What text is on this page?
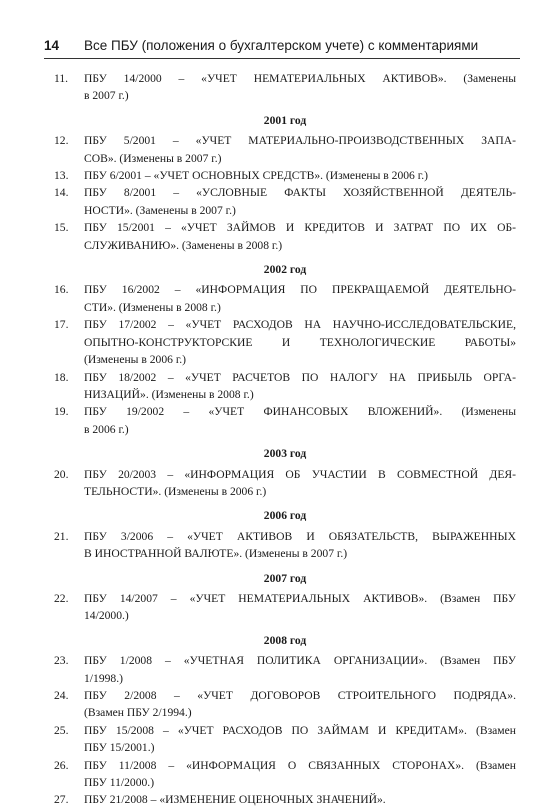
14	Все ПБУ (положения о бухгалтерском учете) с комментариями
11.	ПБУ 14/2000 – «УЧЕТ НЕМАТЕРИАЛЬНЫХ АКТИВОВ». (Заменены
в 2007 г.)
2001 год
12.	ПБУ 5/2001 – «УЧЕТ МАТЕРИАЛЬНО-ПРОИЗВОДСТВЕННЫХ ЗАПА-
СОВ». (Изменены в 2007 г.)
13.	ПБУ 6/2001 – «УЧЕТ ОСНОВНЫХ СРЕДСТВ». (Изменены в 2006 г.)
14.	ПБУ 8/2001 – «УСЛОВНЫЕ ФАКТЫ ХОЗЯЙСТВЕННОЙ ДЕЯТЕЛЬ-
НОСТИ». (Заменены в 2007 г.)
15.	ПБУ 15/2001 – «УЧЕТ ЗАЙМОВ И КРЕДИТОВ И ЗАТРАТ ПО ИХ ОБ-
СЛУЖИВАНИЮ». (Заменены в 2008 г.)
2002 год
16.	ПБУ 16/2002 – «ИНФОРМАЦИЯ ПО ПРЕКРАЩАЕМОЙ ДЕЯТЕЛЬНО-
СТИ». (Изменены в 2008 г.)
17.	ПБУ 17/2002 – «УЧЕТ РАСХОДОВ НА НАУЧНО-ИССЛЕДОВАТЕЛЬСКИЕ,
ОПЫТНО-КОНСТРУКТОРСКИЕ И ТЕХНОЛОГИЧЕСКИЕ РАБОТЫ»
(Изменены в 2006 г.)
18.	ПБУ 18/2002 – «УЧЕТ РАСЧЕТОВ ПО НАЛОГУ НА ПРИБЫЛЬ ОРГА-
НИЗАЦИЙ». (Изменены в 2008 г.)
19.	ПБУ 19/2002 – «УЧЕТ ФИНАНСОВЫХ ВЛОЖЕНИЙ». (Изменены
в 2006 г.)
2003 год
20.	ПБУ 20/2003 – «ИНФОРМАЦИЯ ОБ УЧАСТИИ В СОВМЕСТНОЙ ДЕЯ-
ТЕЛЬНОСТИ». (Изменены в 2006 г.)
2006 год
21.	ПБУ 3/2006 – «УЧЕТ АКТИВОВ И ОБЯЗАТЕЛЬСТВ, ВЫРАЖЕННЫХ
В ИНОСТРАННОЙ ВАЛЮТЕ». (Изменены в 2007 г.)
2007 год
22.	ПБУ 14/2007 – «УЧЕТ НЕМАТЕРИАЛЬНЫХ АКТИВОВ». (Взамен ПБУ
14/2000.)
2008 год
23.	ПБУ 1/2008 – «УЧЕТНАЯ ПОЛИТИКА ОРГАНИЗАЦИИ». (Взамен ПБУ
1/1998.)
24.	ПБУ 2/2008 – «УЧЕТ ДОГОВОРОВ СТРОИТЕЛЬНОГО ПОДРЯДА».
(Взамен ПБУ 2/1994.)
25.	ПБУ 15/2008 – «УЧЕТ РАСХОДОВ ПО ЗАЙМАМ И КРЕДИТАМ». (Взамен
ПБУ 15/2001.)
26.	ПБУ 11/2008 – «ИНФОРМАЦИЯ О СВЯЗАННЫХ СТОРОНАХ». (Взамен
ПБУ 11/2000.)
27.	ПБУ 21/2008 – «ИЗМЕНЕНИЕ ОЦЕНОЧНЫХ ЗНАЧЕНИЙ».
